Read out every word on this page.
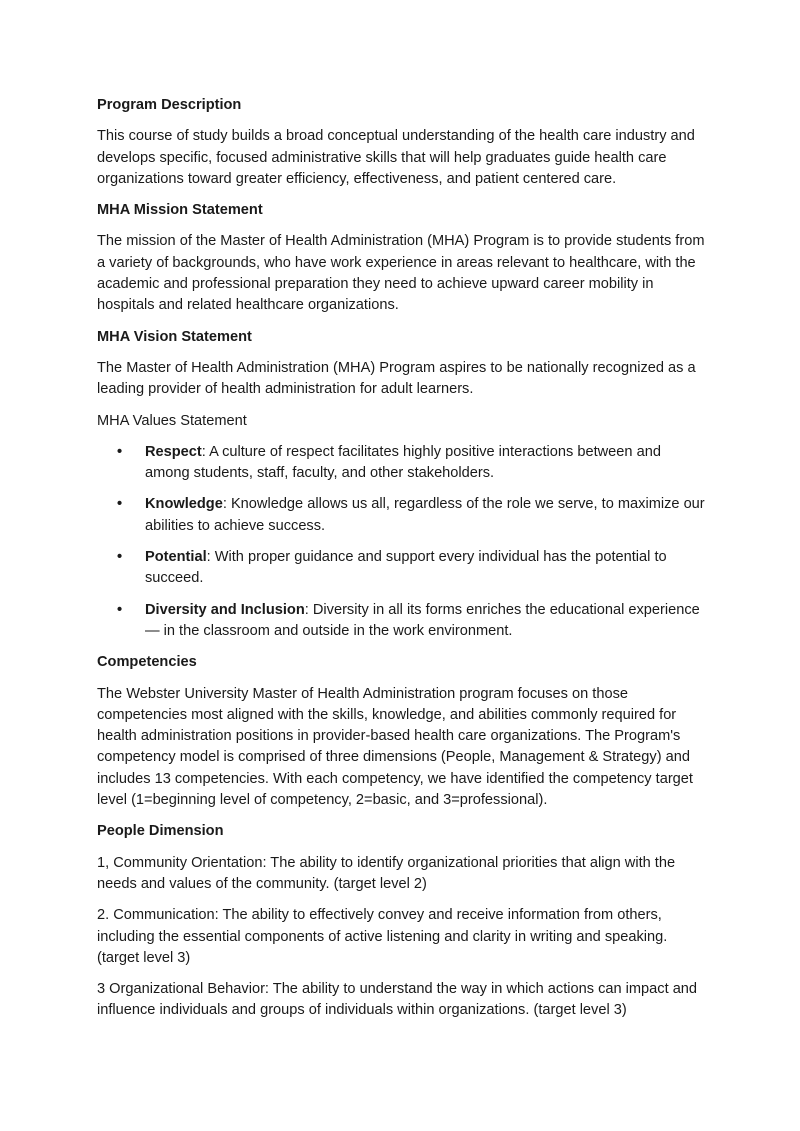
Program Description

This course of study builds a broad conceptual understanding of the health care industry and develops specific, focused administrative skills that will help graduates guide health care organizations toward greater efficiency, effectiveness, and patient centered care.

MHA Mission Statement

The mission of the Master of Health Administration (MHA) Program is to provide students from a variety of backgrounds, who have work experience in areas relevant to healthcare, with the academic and professional preparation they need to achieve upward career mobility in hospitals and related healthcare organizations.

MHA Vision Statement

The Master of Health Administration (MHA) Program aspires to be nationally recognized as a leading provider of health administration for adult learners.

MHA Values Statement
• Respect: A culture of respect facilitates highly positive interactions between and among students, staff, faculty, and other stakeholders.
• Knowledge: Knowledge allows us all, regardless of the role we serve, to maximize our abilities to achieve success.
• Potential: With proper guidance and support every individual has the potential to succeed.
• Diversity and Inclusion: Diversity in all its forms enriches the educational experience — in the classroom and outside in the work environment.
Competencies

The Webster University Master of Health Administration program focuses on those competencies most aligned with the skills, knowledge, and abilities commonly required for health administration positions in provider-based health care organizations. The Program's competency model is comprised of three dimensions (People, Management & Strategy) and includes 13 competencies. With each competency, we have identified the competency target level (1=beginning level of competency, 2=basic, and 3=professional).

People Dimension

1, Community Orientation: The ability to identify organizational priorities that align with the needs and values of the community. (target level 2)

2. Communication: The ability to effectively convey and receive information from others, including the essential components of active listening and clarity in writing and speaking. (target level 3)

3 Organizational Behavior: The ability to understand the way in which actions can impact and influence individuals and groups of individuals within organizations. (target level 3)
